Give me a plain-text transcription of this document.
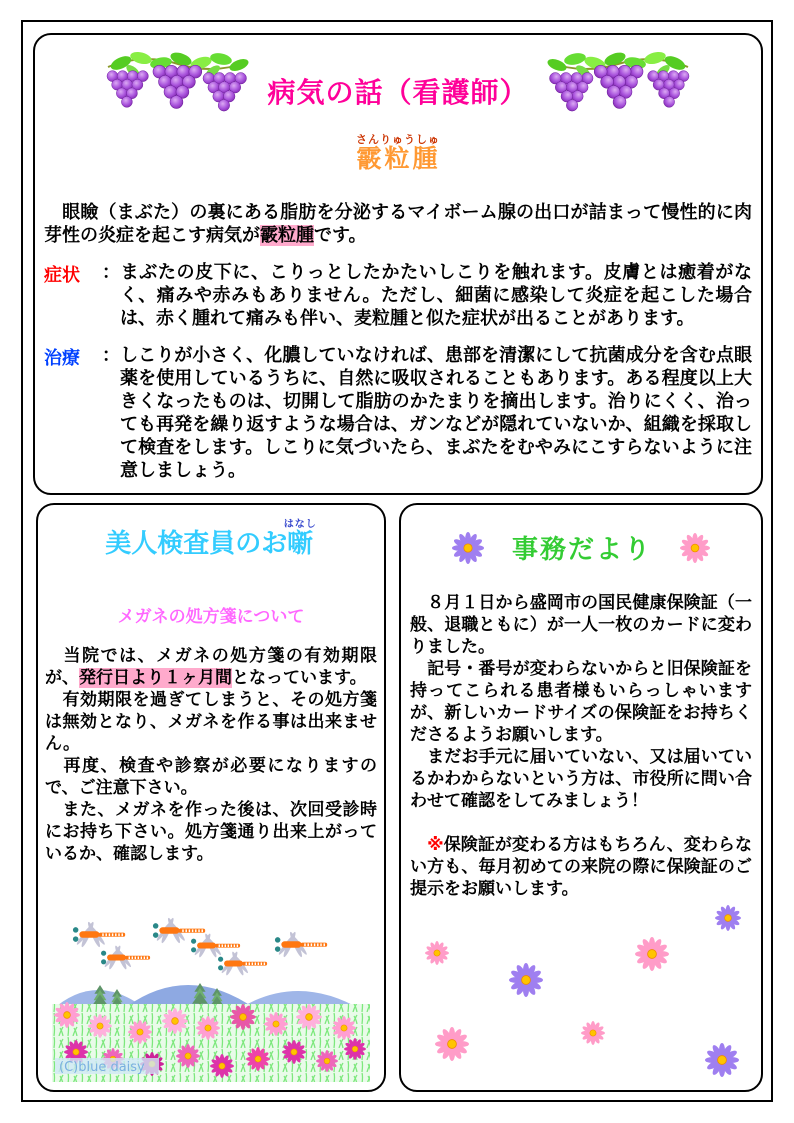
病気の話（看護師）
霰粒腫 さんりゅうしゅ
　眼瞼（まぶた）の裏にある脂肪を分泌するマイボーム腺の出口が詰まって慢性的に肉芽性の炎症を起こす病気が霰粒腫です。
症状	：まぶたの皮下に、こりっとしたかたいしこりを触れます。皮膚とは癒着がなく、痛みや赤みもありません。ただし、細菌に感染して炎症を起こした場合は、赤く腫れて痛みも伴い、麦粒腫と似た症状が出ることがあります。
治療	：しこりが小さく、化膿していなければ、患部を清潔にして抗菌成分を含む点眼薬を使用しているうちに、自然に吸収されることもあります。ある程度以上大きくなったものは、切開して脂肪のかたまりを摘出します。治りにくく、治っても再発を繰り返すような場合は、ガンなどが隠れていないか、組織を採取して検査をします。しこりに気づいたら、まぶたをむやみにこすらないように注意しましょう。
美人検査員のお噺はなし
メガネの処方箋について

　当院では、メガネの処方箋の有効期限が、発行日より１ヶ月間となっています。

　有効期限を過ぎてしまうと、その処方箋は無効となり、メガネを作る事は出来ません。

　再度、検査や診察が必要になりますので、ご注意下さい。

　また、メガネを作った後は、次回受診時にお持ち下さい。処方箋通り出来上がっているか、確認します。

(C)blue daisy
事務だより

　８月１日から盛岡市の国民健康保険証（一般、退職ともに）が一人一枚のカードに変わりました。

　記号・番号が変わらないからと旧保険証を持ってこられる患者様もいらっしゃいますが、新しいカードサイズの保険証をお持ちくださるようお願いします。

　まだお手元に届いていない、又は届いているかわからないという方は、市役所に問い合わせて確認をしてみましょう！

　※保険証が変わる方はもちろん、変わらない方も、毎月初めての来院の際に保険証のご提示をお願いします。
